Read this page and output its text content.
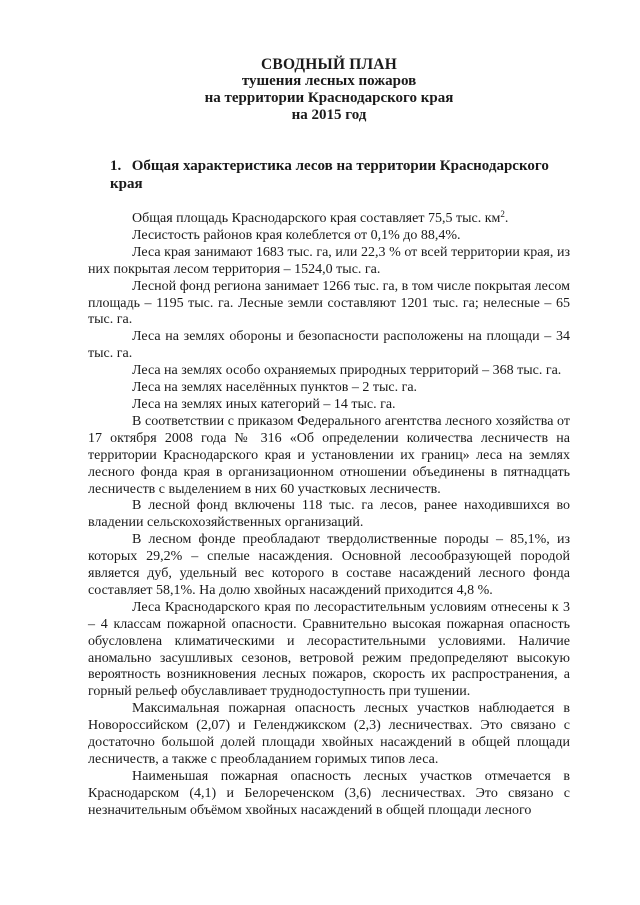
СВОДНЫЙ ПЛАН
тушения лесных пожаров
на территории Краснодарского края
на 2015 год
1. Общая характеристика лесов на территории Краснодарского края

Общая площадь Краснодарского края составляет 75,5 тыс. $км^2$.

Лесистость районов края колеблется от 0,1% до 88,4%.

Леса края занимают 1683 тыс. га, или 22,3 % от всей территории края, из них покрытая лесом территория – 1524,0 тыс. га.

Лесной фонд региона занимает 1266 тыс. га, в том числе покрытая лесом площадь – 1195 тыс. га. Лесные земли составляют 1201 тыс. га; нелесные – 65 тыс. га.

Леса на землях обороны и безопасности расположены на площади – 34 тыс. га.

Леса на землях особо охраняемых природных территорий – 368 тыс. га.

Леса на землях населённых пунктов – 2 тыс. га.

Леса на землях иных категорий – 14 тыс. га.

В соответствии с приказом Федерального агентства лесного хозяйства от 17 октября 2008 года № 316 «Об определении количества лесничеств на территории Краснодарского края и установлении их границ» леса на землях лесного фонда края в организационном отношении объединены в пятнадцать лесничеств с выделением в них 60 участковых лесничеств.

В лесной фонд включены 118 тыс. га лесов, ранее находившихся во владении сельскохозяйственных организаций.

В лесном фонде преобладают твердолиственные породы – 85,1%, из которых 29,2% – спелые насаждения. Основной лесообразующей породой является дуб, удельный вес которого в составе насаждений лесного фонда составляет 58,1%. На долю хвойных насаждений приходится 4,8 %.

Леса Краснодарского края по лесорастительным условиям отнесены к 3 – 4 классам пожарной опасности. Сравнительно высокая пожарная опасность обусловлена климатическими и лесорастительными условиями. Наличие аномально засушливых сезонов, ветровой режим предопределяют высокую вероятность возникновения лесных пожаров, скорость их распространения, а горный рельеф обуславливает труднодоступность при тушении.

Максимальная пожарная опасность лесных участков наблюдается в Новороссийском (2,07) и Геленджикском (2,3) лесничествах. Это связано с достаточно большой долей площади хвойных насаждений в общей площади лесничеств, а также с преобладанием горимых типов леса.

Наименьшая пожарная опасность лесных участков отмечается в Краснодарском (4,1) и Белореченском (3,6) лесничествах. Это связано с незначительным объёмом хвойных насаждений в общей площади лесного
